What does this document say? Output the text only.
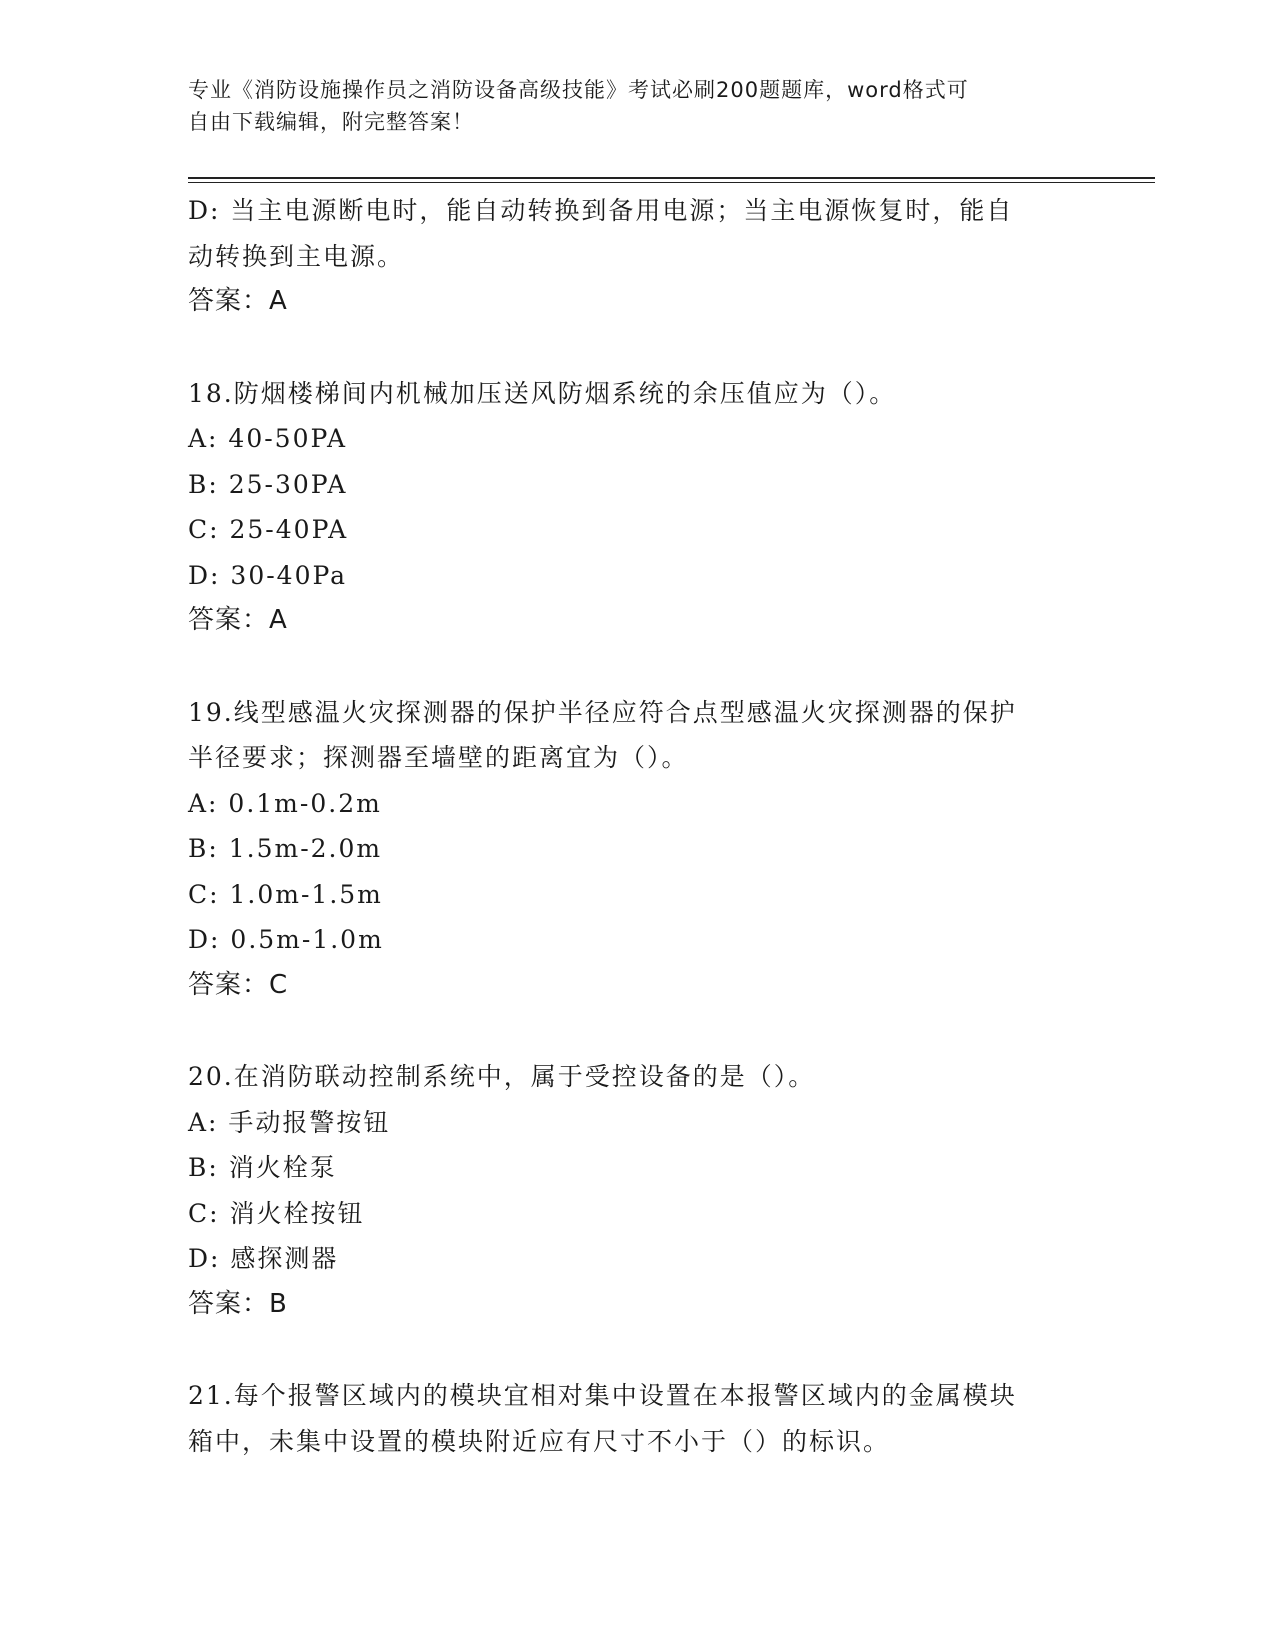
专业《消防设施操作员之消防设备高级技能》考试必刷200题题库，word格式可
自由下载编辑，附完整答案！
D: 当主电源断电时，能自动转换到备用电源；当主电源恢复时，能自
动转换到主电源。
答案：A
18.防烟楼梯间内机械加压送风防烟系统的余压值应为（）。
A: 40-50PA
B: 25-30PA
C: 25-40PA
D: 30-40Pa
答案：A
19.线型感温火灾探测器的保护半径应符合点型感温火灾探测器的保护
半径要求；探测器至墙壁的距离宜为（）。
A: 0.1m-0.2m
B: 1.5m-2.0m
C: 1.0m-1.5m
D: 0.5m-1.0m
答案：C
20.在消防联动控制系统中，属于受控设备的是（）。
A: 手动报警按钮
B: 消火栓泵
C: 消火栓按钮
D: 感探测器
答案：B
21.每个报警区域内的模块宜相对集中设置在本报警区域内的金属模块
箱中，未集中设置的模块附近应有尺寸不小于（）的标识。
